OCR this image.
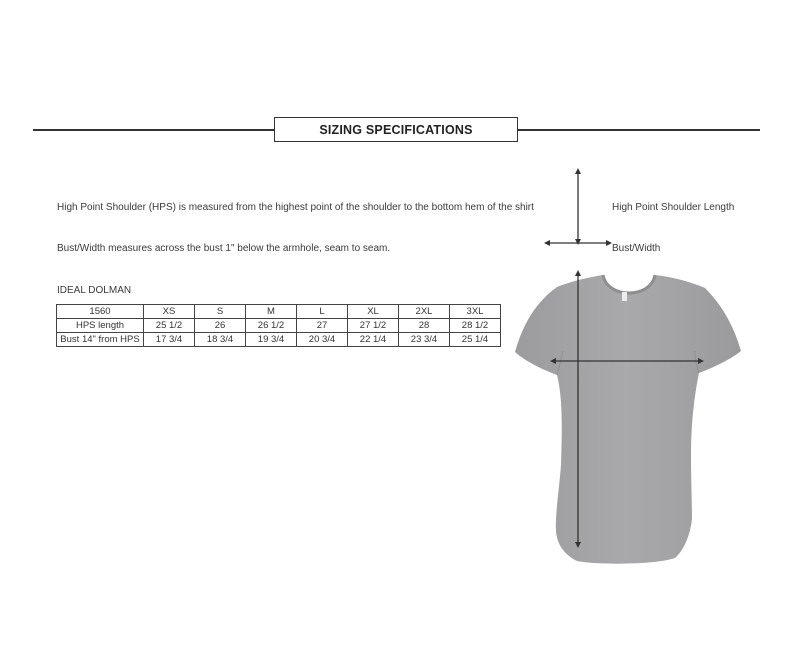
SIZING SPECIFICATIONS
High Point Shoulder (HPS) is measured from the highest point of the shoulder to the bottom hem of the shirt
Bust/Width measures across the bust 1" below the armhole, seam to seam.
IDEAL DOLMAN
High Point Shoulder Length
Bust/Width
1560	XS	S	M	L	XL	2XL	3XL
HPS length	25 1/2	26	26 1/2	27	27 1/2	28	28 1/2
Bust 14" from HPS	17 3/4	18 3/4	19 3/4	20 3/4	22 1/4	23 3/4	25 1/4
